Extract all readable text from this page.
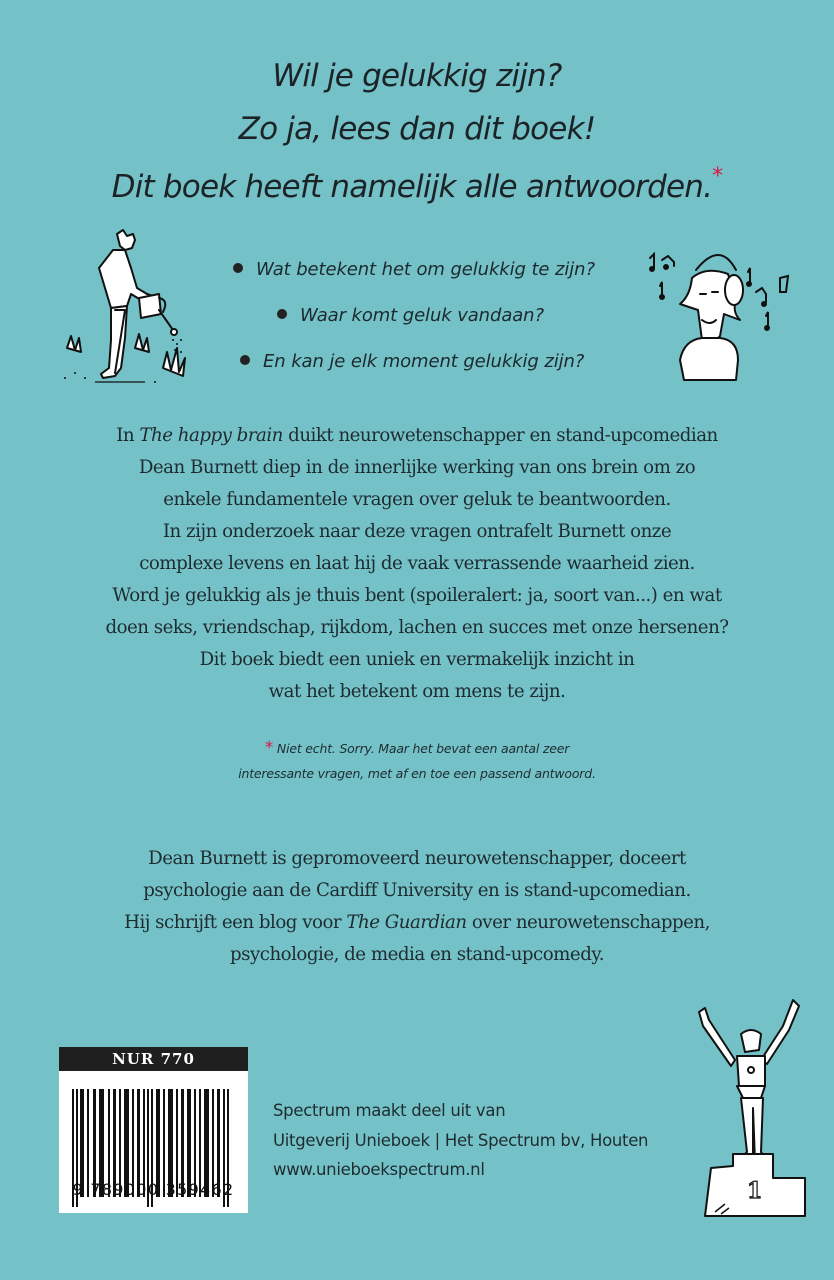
Wil je gelukkig zijn?
Zo ja, lees dan dit boek!
Dit boek heeft namelijk alle antwoorden.*
Wat betekent het om gelukkig te zijn?
Waar komt geluk vandaan?
En kan je elk moment gelukkig zijn?
In The happy brain duikt neurowetenschapper en stand-upcomedian
Dean Burnett diep in de innerlijke werking van ons brein om zo
enkele fundamentele vragen over geluk te beantwoorden.
In zijn onderzoek naar deze vragen ontrafelt Burnett onze
complexe levens en laat hij de vaak verrassende waarheid zien.
Word je gelukkig als je thuis bent (spoileralert: ja, soort van...) en wat
doen seks, vriendschap, rijkdom, lachen en succes met onze hersenen?
Dit boek biedt een uniek en vermakelijk inzicht in
wat het betekent om mens te zijn.
* Niet echt. Sorry. Maar het bevat een aantal zeer
interessante vragen, met af en toe een passend antwoord.
Dean Burnett is gepromoveerd neurowetenschapper, doceert
psychologie aan de Cardiff University en is stand-upcomedian.
Hij schrijft een blog voor The Guardian over neurowetenschappen,
psychologie, de media en stand-upcomedy.
NUR 770
9 789000 359462
Spectrum maakt deel uit van
Uitgeverij Unieboek | Het Spectrum bv, Houten
www.unieboekspectrum.nl
1
